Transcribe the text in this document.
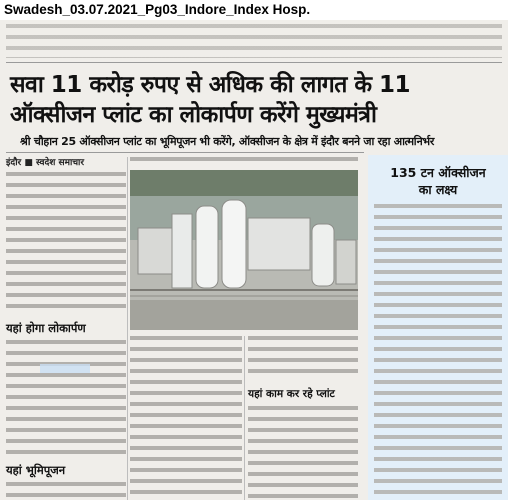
Swadesh_03.07.2021_Pg03_Indore_Index Hosp.
सवा 11 करोड़ रुपए से अधिक की लागत के 11
ऑक्सीजन प्लांट का लोकार्पण करेंगे मुख्यमंत्री
श्री चौहान 25 ऑक्सीजन प्लांट का भूमिपूजन भी करेंगे, ऑक्सीजन के क्षेत्र में इंदौर बनने जा रहा आत्मनिर्भर
इंदौर ■ स्वदेश समाचार
यहां होगा लोकार्पण
यहां भूमिपूजन
यहां काम कर रहे प्लांट
135 टन ऑक्सीजन
का लक्ष्य
